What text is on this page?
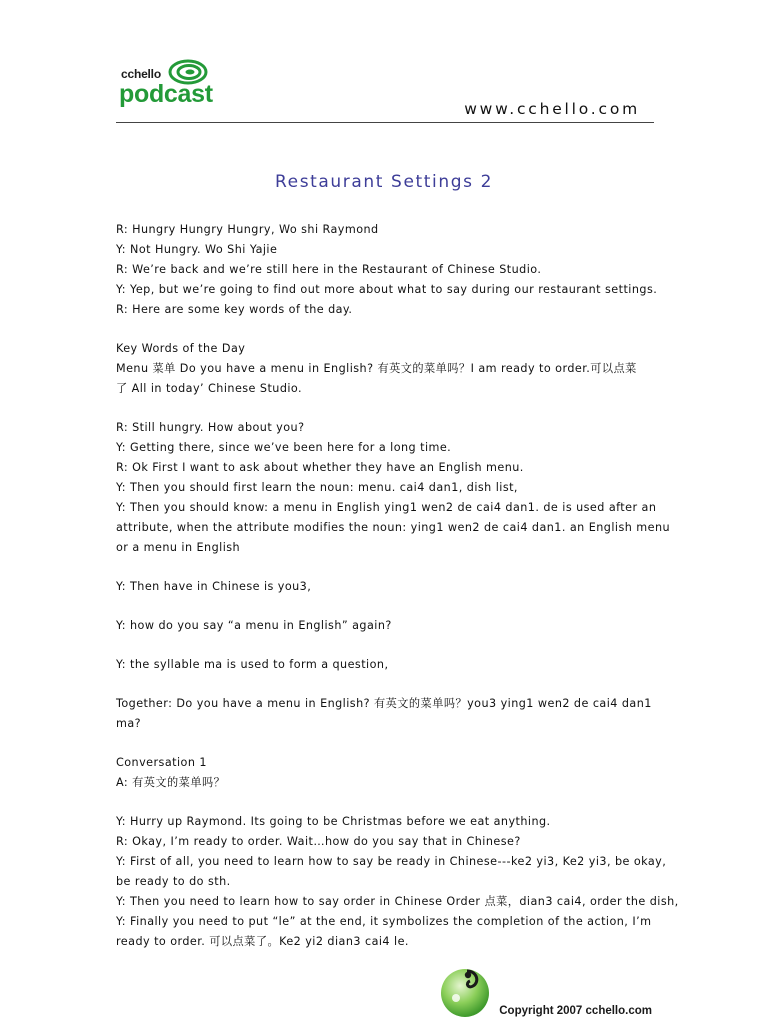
cchello
podcast
www.cchello.com
Restaurant Settings 2
R: Hungry Hungry Hungry, Wo shi Raymond
Y: Not Hungry. Wo Shi Yajie
R: We’re back and we’re still here in the Restaurant of Chinese Studio.
Y: Yep, but we’re going to find out more about what to say during our restaurant settings.
R: Here are some key words of the day.
Key Words of the Day
Menu 菜单 Do you have a menu in English? 有英文的菜单吗？I am ready to order.可以点菜
了 All in today’ Chinese Studio.
R: Still hungry. How about you?
Y: Getting there, since we’ve been here for a long time.
R: Ok First I want to ask about whether they have an English menu.
Y: Then you should first learn the noun: menu. cai4 dan1, dish list,
Y: Then you should know: a menu in English ying1 wen2 de cai4 dan1. de is used after an
attribute, when the attribute modifies the noun: ying1 wen2 de cai4 dan1. an English menu
or a menu in English
Y: Then have in Chinese is you3,
Y: how do you say “a menu in English” again?
Y: the syllable ma is used to form a question,
Together: Do you have a menu in English? 有英文的菜单吗？you3 ying1 wen2 de cai4 dan1
ma?
Conversation 1
A: 有英文的菜单吗？
Y: Hurry up Raymond. Its going to be Christmas before we eat anything.
R: Okay, I’m ready to order. Wait…how do you say that in Chinese?
Y: First of all, you need to learn how to say be ready in Chinese---ke2 yi3, Ke2 yi3, be okay,
be ready to do sth.
Y: Then you need to learn how to say order in Chinese Order 点菜，dian3 cai4, order the dish,
Y: Finally you need to put “le” at the end, it symbolizes the completion of the action, I’m
ready to order. 可以点菜了。Ke2 yi2 dian3 cai4 le.
Copyright 2007 cchello.com
